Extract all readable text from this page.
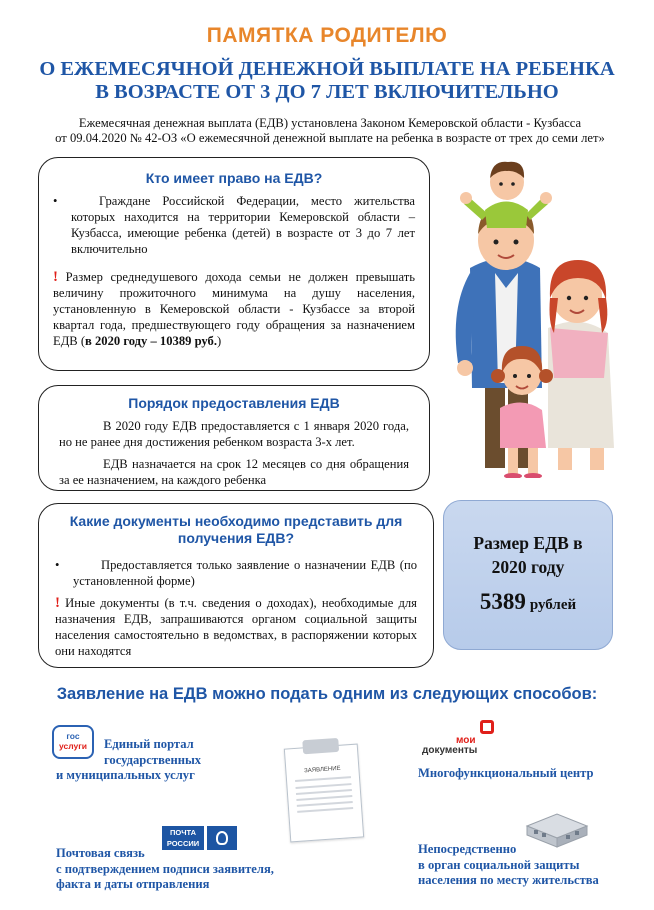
ПАМЯТКА РОДИТЕЛЮ
О ЕЖЕМЕСЯЧНОЙ ДЕНЕЖНОЙ ВЫПЛАТЕ НА РЕБЕНКА
В ВОЗРАСТЕ ОТ 3 ДО 7 ЛЕТ ВКЛЮЧИТЕЛЬНО
Ежемесячная денежная выплата (ЕДВ) установлена Законом Кемеровской области - Кузбасса
от 09.04.2020 № 42-ОЗ «О ежемесячной денежной выплате на ребенка в возрасте от трех до семи лет»
Кто имеет право на ЕДВ?
•	Граждане Российской Федерации, место жительства которых находится на территории Кемеровской области – Кузбасса, имеющие ребенка (детей) в возрасте от 3 до 7 лет включительно
! Размер среднедушевого дохода семьи не должен превышать величину прожиточного минимума на душу населения, установленную в Кемеровской области - Кузбассе за второй квартал года, предшествующего году обращения за назначением ЕДВ (в 2020 году – 10389 руб.)
Порядок предоставления ЕДВ
В 2020 году ЕДВ предоставляется с 1 января 2020 года, но не ранее дня достижения ребенком возраста 3-х лет.
ЕДВ назначается на срок 12 месяцев со дня обращения за ее назначением, на каждого ребенка
Какие документы необходимо представить для
получения ЕДВ?
•	Предоставляется только заявление о назначении ЕДВ (по установленной форме)
! Иные документы (в т.ч. сведения о доходах), необходимые для назначения ЕДВ, запрашиваются органом социальной защиты населения самостоятельно в ведомствах, в распоряжении которых они находятся
Размер ЕДВ в
2020 году
5389 рублей
Заявление на ЕДВ можно подать одним из следующих способов:
гос
услуги	Единый портал
государственных
и муниципальных услуг	ЗАЯВЛЕНИЕ
мои
документы
Многофункциональный центр
ПОЧТА
РОССИИ
Почтовая связь
с подтверждением подписи заявителя,
факта и даты отправления
Непосредственно
в орган социальной защиты
населения по месту жительства
